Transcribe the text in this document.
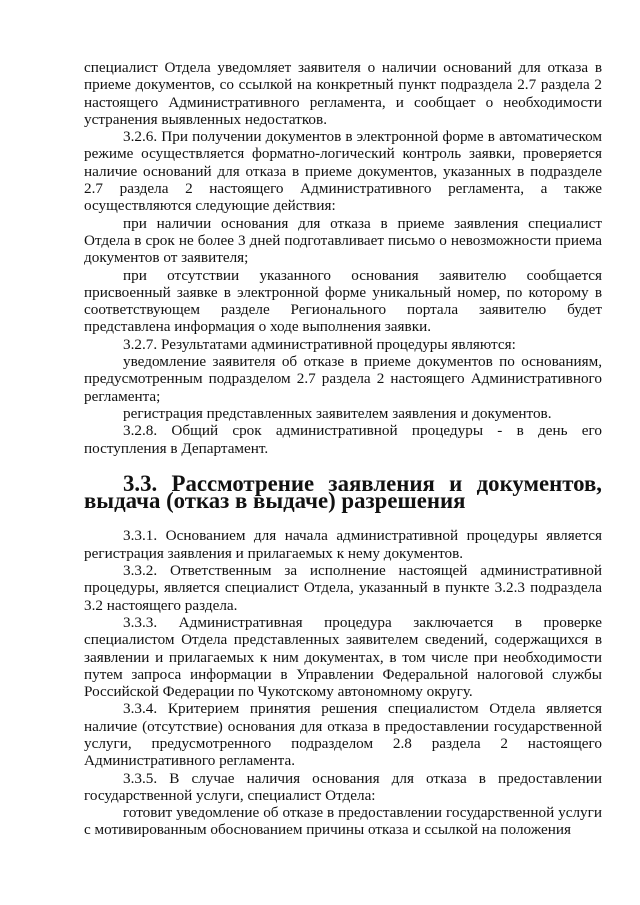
специалист Отдела уведомляет заявителя о наличии оснований для отказа в приеме документов, со ссылкой на конкретный пункт подраздела 2.7 раздела 2 настоящего Административного регламента, и сообщает о необходимости устранения выявленных недостатков.

3.2.6. При получении документов в электронной форме в автоматическом режиме осуществляется форматно-логический контроль заявки, проверяется наличие оснований для отказа в приеме документов, указанных в подразделе 2.7 раздела 2 настоящего Административного регламента, а также осуществляются следующие действия:

при наличии основания для отказа в приеме заявления специалист Отдела в срок не более 3 дней подготавливает письмо о невозможности приема документов от заявителя;

при отсутствии указанного основания заявителю сообщается присвоенный заявке в электронной форме уникальный номер, по которому в соответствующем разделе Регионального портала заявителю будет представлена информация о ходе выполнения заявки.

3.2.7. Результатами административной процедуры являются:

уведомление заявителя об отказе в приеме документов по основаниям, предусмотренным подразделом 2.7 раздела 2 настоящего Административного регламента;

регистрация представленных заявителем заявления и документов.

3.2.8. Общий срок административной процедуры - в день его поступления в Департамент.

3.3. Рассмотрение заявления и документов, выдача (отказ в выдаче) разрешения

3.3.1. Основанием для начала административной процедуры является регистрация заявления и прилагаемых к нему документов.

3.3.2. Ответственным за исполнение настоящей административной процедуры, является специалист Отдела, указанный в пункте 3.2.3 подраздела 3.2 настоящего раздела.

3.3.3. Административная процедура заключается в проверке специалистом Отдела представленных заявителем сведений, содержащихся в заявлении и прилагаемых к ним документах, в том числе при необходимости путем запроса информации в Управлении Федеральной налоговой службы Российской Федерации по Чукотскому автономному округу.

3.3.4. Критерием принятия решения специалистом Отдела является наличие (отсутствие) основания для отказа в предоставлении государственной услуги, предусмотренного подразделом 2.8 раздела 2 настоящего Административного регламента.

3.3.5. В случае наличия основания для отказа в предоставлении государственной услуги, специалист Отдела:

готовит уведомление об отказе в предоставлении государственной услуги с мотивированным обоснованием причины отказа и ссылкой на положения
